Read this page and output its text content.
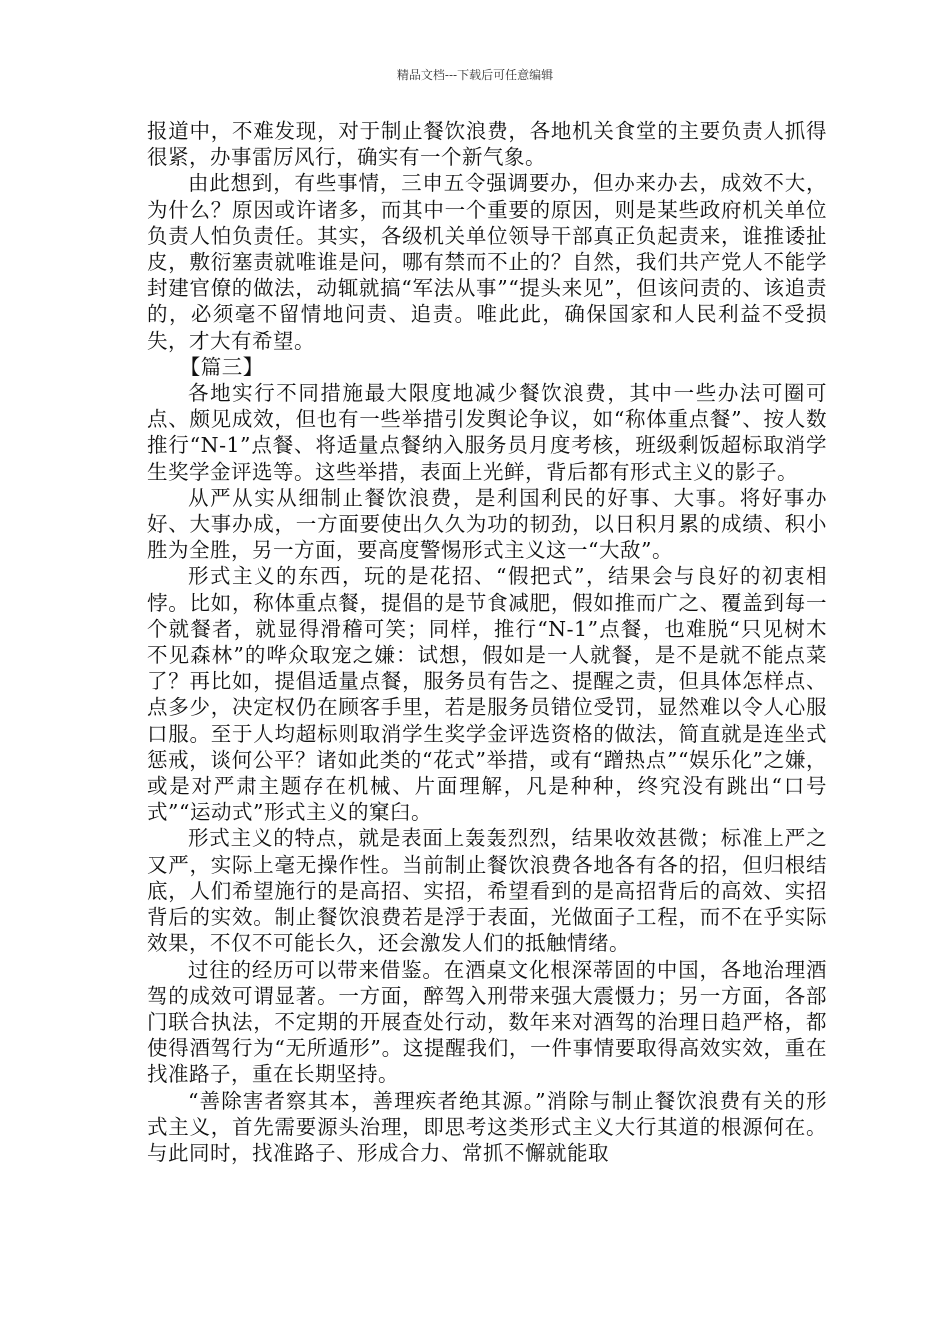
精品文档---下载后可任意编辑

报道中，不难发现，对于制止餐饮浪费，各地机关食堂的主要负责人抓得很紧，办事雷厉风行，确实有一个新气象。

由此想到，有些事情，三申五令强调要办，但办来办去，成效不大，为什么？原因或许诸多，而其中一个重要的原因，则是某些政府机关单位负责人怕负责任。其实，各级机关单位领导干部真正负起责来，谁推诿扯皮，敷衍塞责就唯谁是问，哪有禁而不止的？自然，我们共产党人不能学封建官僚的做法，动辄就搞“军法从事”“提头来见”，但该问责的、该追责的，必须毫不留情地问责、追责。唯此此，确保国家和人民利益不受损失，才大有希望。

【篇三】

各地实行不同措施最大限度地减少餐饮浪费，其中一些办法可圈可点、颇见成效，但也有一些举措引发舆论争议，如“称体重点餐”、按人数推行“N-1”点餐、将适量点餐纳入服务员月度考核，班级剩饭超标取消学生奖学金评选等。这些举措，表面上光鲜，背后都有形式主义的影子。

从严从实从细制止餐饮浪费，是利国利民的好事、大事。将好事办好、大事办成，一方面要使出久久为功的韧劲，以日积月累的成绩、积小胜为全胜，另一方面，要高度警惕形式主义这一“大敌”。

形式主义的东西，玩的是花招、“假把式”，结果会与良好的初衷相悖。比如，称体重点餐，提倡的是节食减肥，假如推而广之、覆盖到每一个就餐者，就显得滑稽可笑；同样，推行“N-1”点餐，也难脱“只见树木不见森林”的哗众取宠之嫌：试想，假如是一人就餐，是不是就不能点菜了？再比如，提倡适量点餐，服务员有告之、提醒之责，但具体怎样点、点多少，决定权仍在顾客手里，若是服务员错位受罚，显然难以令人心服口服。至于人均超标则取消学生奖学金评选资格的做法，简直就是连坐式惩戒，谈何公平？诸如此类的“花式”举措，或有“蹭热点”“娱乐化”之嫌，或是对严肃主题存在机械、片面理解，凡是种种，终究没有跳出“口号式”“运动式”形式主义的窠臼。

形式主义的特点，就是表面上轰轰烈烈，结果收效甚微；标准上严之又严，实际上毫无操作性。当前制止餐饮浪费各地各有各的招，但归根结底，人们希望施行的是高招、实招，希望看到的是高招背后的高效、实招背后的实效。制止餐饮浪费若是浮于表面，光做面子工程，而不在乎实际效果，不仅不可能长久，还会激发人们的抵触情绪。

过往的经历可以带来借鉴。在酒桌文化根深蒂固的中国，各地治理酒驾的成效可谓显著。一方面，醉驾入刑带来强大震慑力；另一方面，各部门联合执法，不定期的开展查处行动，数年来对酒驾的治理日趋严格，都使得酒驾行为“无所遁形”。这提醒我们，一件事情要取得高效实效，重在找准路子，重在长期坚持。

“善除害者察其本，善理疾者绝其源。”消除与制止餐饮浪费有关的形式主义，首先需要源头治理，即思考这类形式主义大行其道的根源何在。与此同时，找准路子、形成合力、常抓不懈就能取
